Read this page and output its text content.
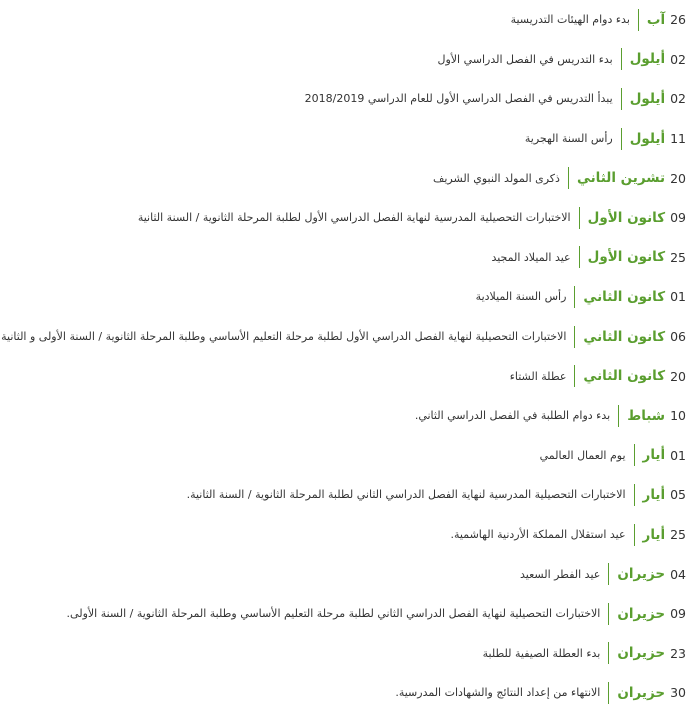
26
آب
بدء دوام الهيئات التدريسية
02
أيلول
بدء التدريس في الفصل الدراسي الأول
02
أيلول
يبدأ التدريس في الفصل الدراسي الأول للعام الدراسي 2018/2019
11
أيلول
رأس السنة الهجرية
20
تشرين الثاني
ذكرى المولد النبوي الشريف
09
كانون الأول
الاختبارات التحصيلية المدرسية لنهاية الفصل الدراسي الأول لطلبة المرحلة الثانوية / السنة الثانية
25
كانون الأول
عيد الميلاد المجيد
01
كانون الثاني
رأس السنة الميلادية
06
كانون الثاني
الاختبارات التحصيلية لنهاية الفصل الدراسي الأول لطلبة مرحلة التعليم الأساسي وطلبة المرحلة الثانوية / السنة الأولى و الثانية
20
كانون الثاني
عطلة الشتاء
10
شباط
بدء دوام الطلبة في الفصل الدراسي الثاني.
01
أيار
يوم العمال العالمي
05
أيار
الاختبارات التحصيلية المدرسية لنهاية الفصل الدراسي الثاني لطلبة المرحلة الثانوية / السنة الثانية.
25
أيار
عيد استقلال المملكة الأردنية الهاشمية.
04
حزيران
عيد الفطر السعيد
09
حزيران
الاختبارات التحصيلية لنهاية الفصل الدراسي الثاني لطلبة مرحلة التعليم الأساسي وطلبة المرحلة الثانوية / السنة الأولى.
23
حزيران
بدء العطلة الصيفية للطلبة
30
حزيران
الانتهاء من إعداد النتائج والشهادات المدرسية.
